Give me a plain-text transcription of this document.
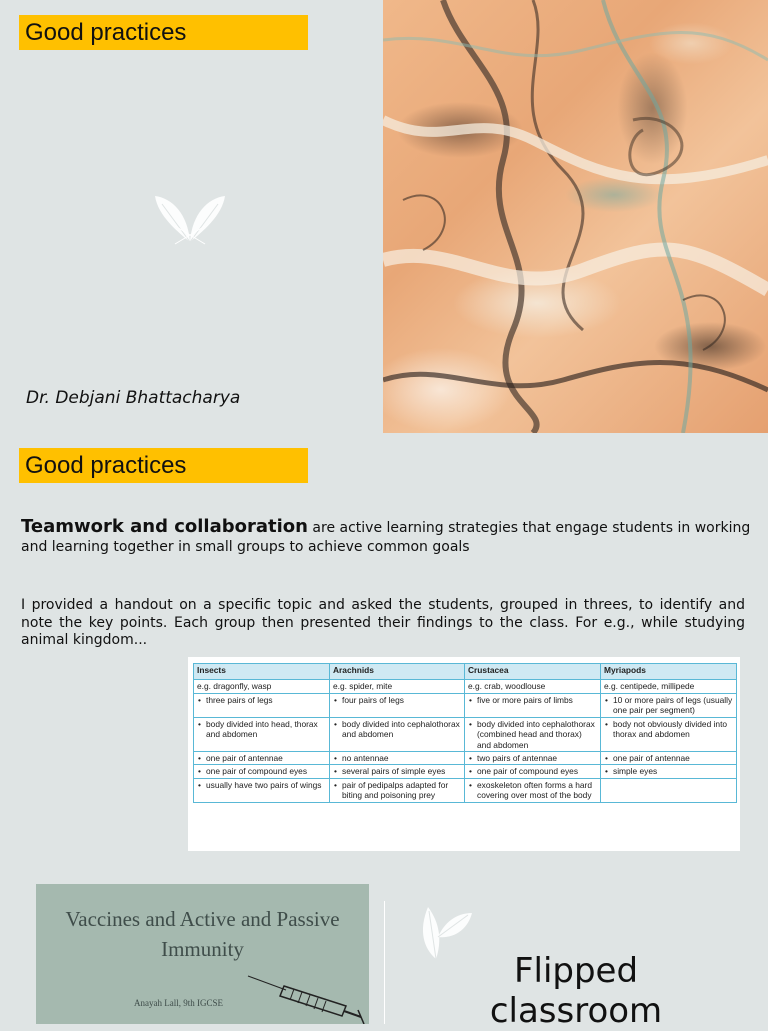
Good practices
Dr. Debjani Bhattacharya
Good practices
Teamwork and collaboration are active learning strategies that engage students in working and learning together in small groups to achieve common goals
I provided a handout on a specific topic and asked the students, grouped in threes, to identify and note the key points. Each group then presented their findings to the class. For e.g., while studying animal kingdom...
Insects	Arachnids	Crustacea	Myriapods
e.g. dragonfly, wasp	e.g. spider, mite	e.g. crab, woodlouse	e.g. centipede, millipede
• three pairs of legs	• four pairs of legs	• five or more pairs of limbs	• 10 or more pairs of legs (usually one pair per segment)
• body divided into head, thorax and abdomen	• body divided into cephalothorax and abdomen	• body divided into cephalothorax (combined head and thorax) and abdomen	• body not obviously divided into thorax and abdomen
• one pair of antennae	• no antennae	• two pairs of antennae	• one pair of antennae
• one pair of compound eyes	• several pairs of simple eyes	• one pair of compound eyes	• simple eyes
• usually have two pairs of wings	• pair of pedipalps adapted for biting and poisoning prey	• exoskeleton often forms a hard covering over most of the body	
Vaccines and Active and Passive Immunity
Anayah Lall, 9th IGCSE
Flipped classroom
